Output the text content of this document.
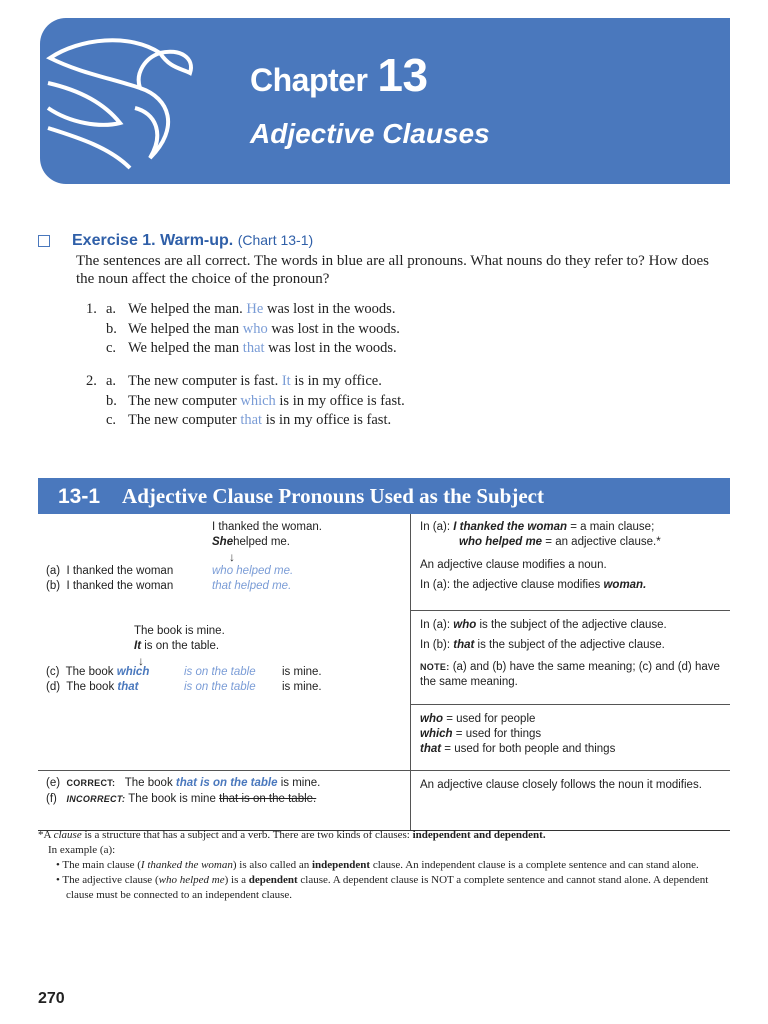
Chapter 13
Adjective Clauses
Exercise 1. Warm-up. (Chart 13-1)
The sentences are all correct. The words in blue are all pronouns. What nouns do they refer to? How does the noun affect the choice of the pronoun?
1. a. We helped the man. He was lost in the woods.
b. We helped the man who was lost in the woods.
c. We helped the man that was lost in the woods.
2. a. The new computer is fast. It is in my office.
b. The new computer which is in my office is fast.
c. The new computer that is in my office is fast.
13-1 Adjective Clause Pronouns Used as the Subject
I thanked the woman.
Shehelped me.
↓
(a) I thanked the woman	who helped me.
(b) I thanked the woman	that helped me.
The book is mine.
It is on the table.
↓
(c) The book which	is on the table is mine.
(d) The book that	is on the table is mine.
(e) CORRECT: The book that is on the table is mine.
(f) INCORRECT: The book is mine that is on the table.
In (a): I thanked the woman = a main clause;
who helped me = an adjective clause.*
An adjective clause modifies a noun.
In (a): the adjective clause modifies woman.
In (a): who is the subject of the adjective clause.
In (b): that is the subject of the adjective clause.
NOTE: (a) and (b) have the same meaning; (c) and (d) have the same meaning.
who = used for people
which = used for things
that = used for both people and things
An adjective clause closely follows the noun it modifies.
*A clause is a structure that has a subject and a verb. There are two kinds of clauses: independent and dependent.
In example (a):
• The main clause (I thanked the woman) is also called an independent clause. An independent clause is a complete sentence and can stand alone.
• The adjective clause (who helped me) is a dependent clause. A dependent clause is NOT a complete sentence and cannot stand alone. A dependent clause must be connected to an independent clause.
270
